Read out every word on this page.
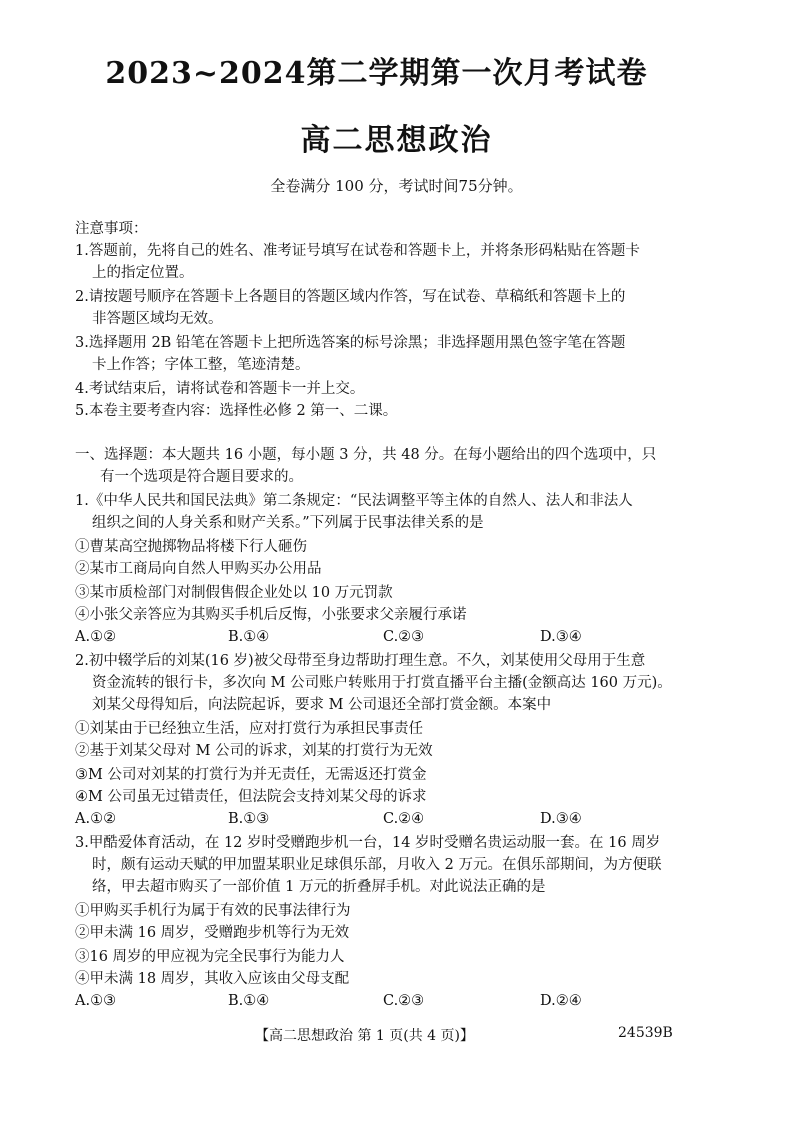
2023~2024第二学期第一次月考试卷
高二思想政治
全卷满分 100 分，考试时间75分钟。
注意事项：
1.答题前，先将自己的姓名、准考证号填写在试卷和答题卡上，并将条形码粘贴在答题卡
上的指定位置。
2.请按题号顺序在答题卡上各题目的答题区域内作答，写在试卷、草稿纸和答题卡上的
非答题区域均无效。
3.选择题用 2B 铅笔在答题卡上把所选答案的标号涂黑；非选择题用黑色签字笔在答题
卡上作答；字体工整，笔迹清楚。
4.考试结束后，请将试卷和答题卡一并上交。
5.本卷主要考查内容：选择性必修 2 第一、二课。
一、选择题：本大题共 16 小题，每小题 3 分，共 48 分。在每小题给出的四个选项中，只
有一个选项是符合题目要求的。
1.《中华人民共和国民法典》第二条规定：“民法调整平等主体的自然人、法人和非法人
组织之间的人身关系和财产关系。”下列属于民事法律关系的是
①曹某高空抛掷物品将楼下行人砸伤
②某市工商局向自然人甲购买办公用品
③某市质检部门对制假售假企业处以 10 万元罚款
④小张父亲答应为其购买手机后反悔，小张要求父亲履行承诺
A.①②	B.①④	C.②③	D.③④
2.初中辍学后的刘某(16 岁)被父母带至身边帮助打理生意。不久，刘某使用父母用于生意
资金流转的银行卡，多次向 M 公司账户转账用于打赏直播平台主播(金额高达 160 万元)。
刘某父母得知后，向法院起诉，要求 M 公司退还全部打赏金额。本案中
①刘某由于已经独立生活，应对打赏行为承担民事责任
②基于刘某父母对 M 公司的诉求，刘某的打赏行为无效
③M 公司对刘某的打赏行为并无责任，无需返还打赏金
④M 公司虽无过错责任，但法院会支持刘某父母的诉求
A.①②	B.①③	C.②④	D.③④
3.甲酷爱体育活动，在 12 岁时受赠跑步机一台，14 岁时受赠名贵运动服一套。在 16 周岁
时，颇有运动天赋的甲加盟某职业足球俱乐部，月收入 2 万元。在俱乐部期间，为方便联
络，甲去超市购买了一部价值 1 万元的折叠屏手机。对此说法正确的是
①甲购买手机行为属于有效的民事法律行为
②甲未满 16 周岁，受赠跑步机等行为无效
③16 周岁的甲应视为完全民事行为能力人
④甲未满 18 周岁，其收入应该由父母支配
A.①③	B.①④	C.②③	D.②④
【高二思想政治 第 1 页(共 4 页)】	24539B
